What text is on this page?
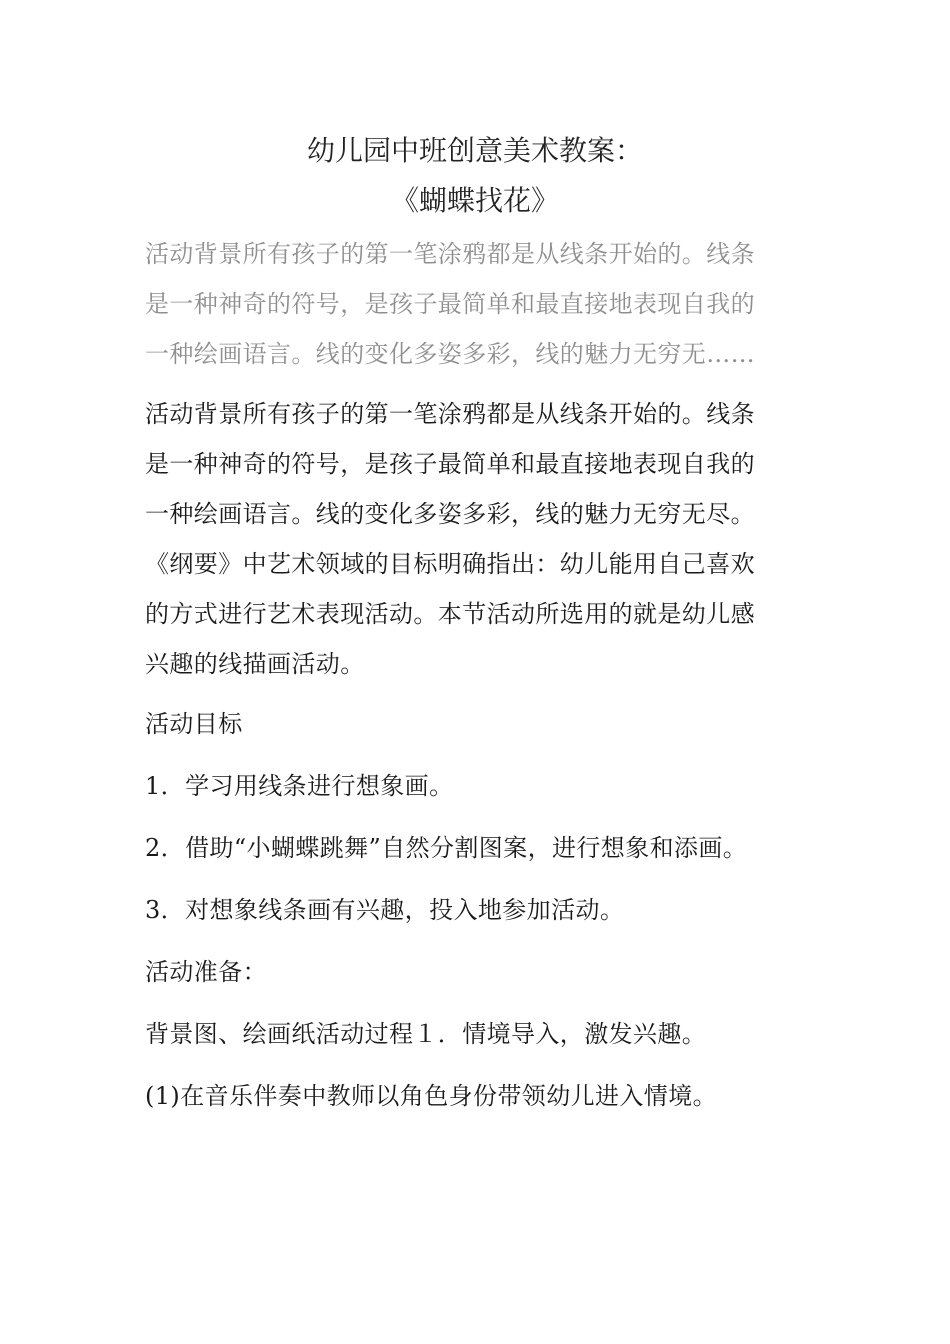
幼儿园中班创意美术教案：
《蝴蝶找花》

活动背景所有孩子的第一笔涂鸦都是从线条开始的。线条
是一种神奇的符号，是孩子最简单和最直接地表现自我的
一种绘画语言。线的变化多姿多彩，线的魅力无穷无……

活动背景所有孩子的第一笔涂鸦都是从线条开始的。线条
是一种神奇的符号，是孩子最简单和最直接地表现自我的
一种绘画语言。线的变化多姿多彩，线的魅力无穷无尽。
《纲要》中艺术领域的目标明确指出：幼儿能用自己喜欢
的方式进行艺术表现活动。本节活动所选用的就是幼儿感
兴趣的线描画活动。

活动目标

1．学习用线条进行想象画。

2．借助“小蝴蝶跳舞”自然分割图案，进行想象和添画。

3．对想象线条画有兴趣，投入地参加活动。

活动准备：

背景图、绘画纸活动过程１．情境导入，激发兴趣。

(1)在音乐伴奏中教师以角色身份带领幼儿进入情境。
